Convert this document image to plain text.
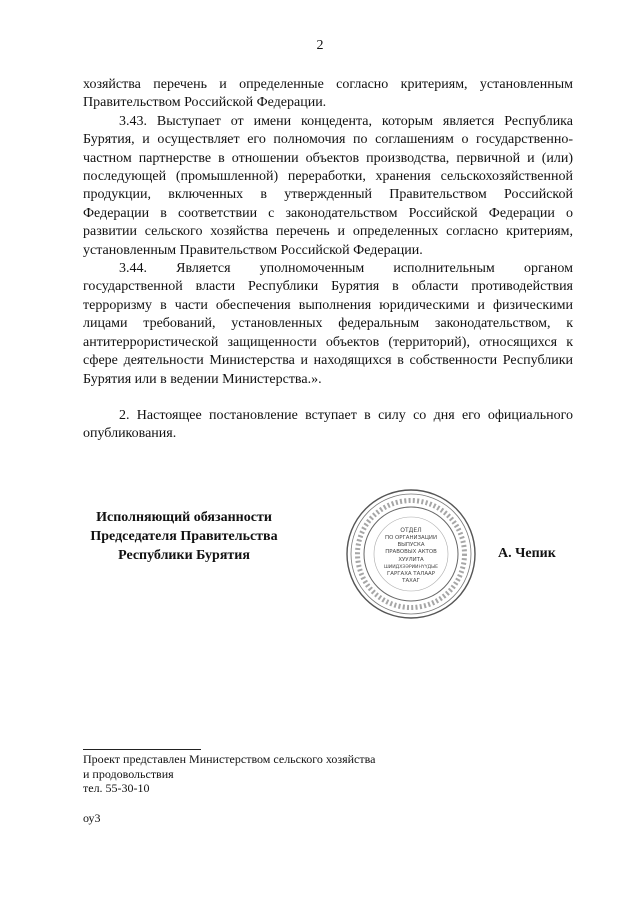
2

хозяйства перечень и определенные согласно критериям, установленным Правительством Российской Федерации.

3.43. Выступает от имени концедента, которым является Республика Бурятия, и осуществляет его полномочия по соглашениям о государственно-частном партнерстве в отношении объектов производства, первичной и (или) последующей (промышленной) переработки, хранения сельскохозяйственной продукции, включенных в утвержденный Правительством Российской Федерации в соответствии с законодательством Российской Федерации о развитии сельского хозяйства перечень и определенных согласно критериям, установленным Правительством Российской Федерации.

3.44. Является уполномоченным исполнительным органом государственной власти Республики Бурятия в области противодействия терроризму в части обеспечения выполнения юридическими и физическими лицами требований, установленных федеральным законодательством, к антитеррористической защищенности объектов (территорий), относящихся к сфере деятельности Министерства и находящихся в собственности Республики Бурятия или в ведении Министерства.».

2. Настоящее постановление вступает в силу со дня его официального опубликования.

Исполняющий обязанности
Председателя Правительства
Республики Бурятия
ОТДЕЛ
ПО ОРГАНИЗАЦИИ
ВЫПУСКА
ПРАВОВЫХ АКТОВ
ХУУЛИТА
ШИИДХЭЭРИИНҮҮДЫЕ
ГАРГАХА ТАЛААР
ТАХАГ
А. Чепик
Проект представлен Министерством сельского хозяйства
и продовольствия
тел. 55-30-10
оу3
